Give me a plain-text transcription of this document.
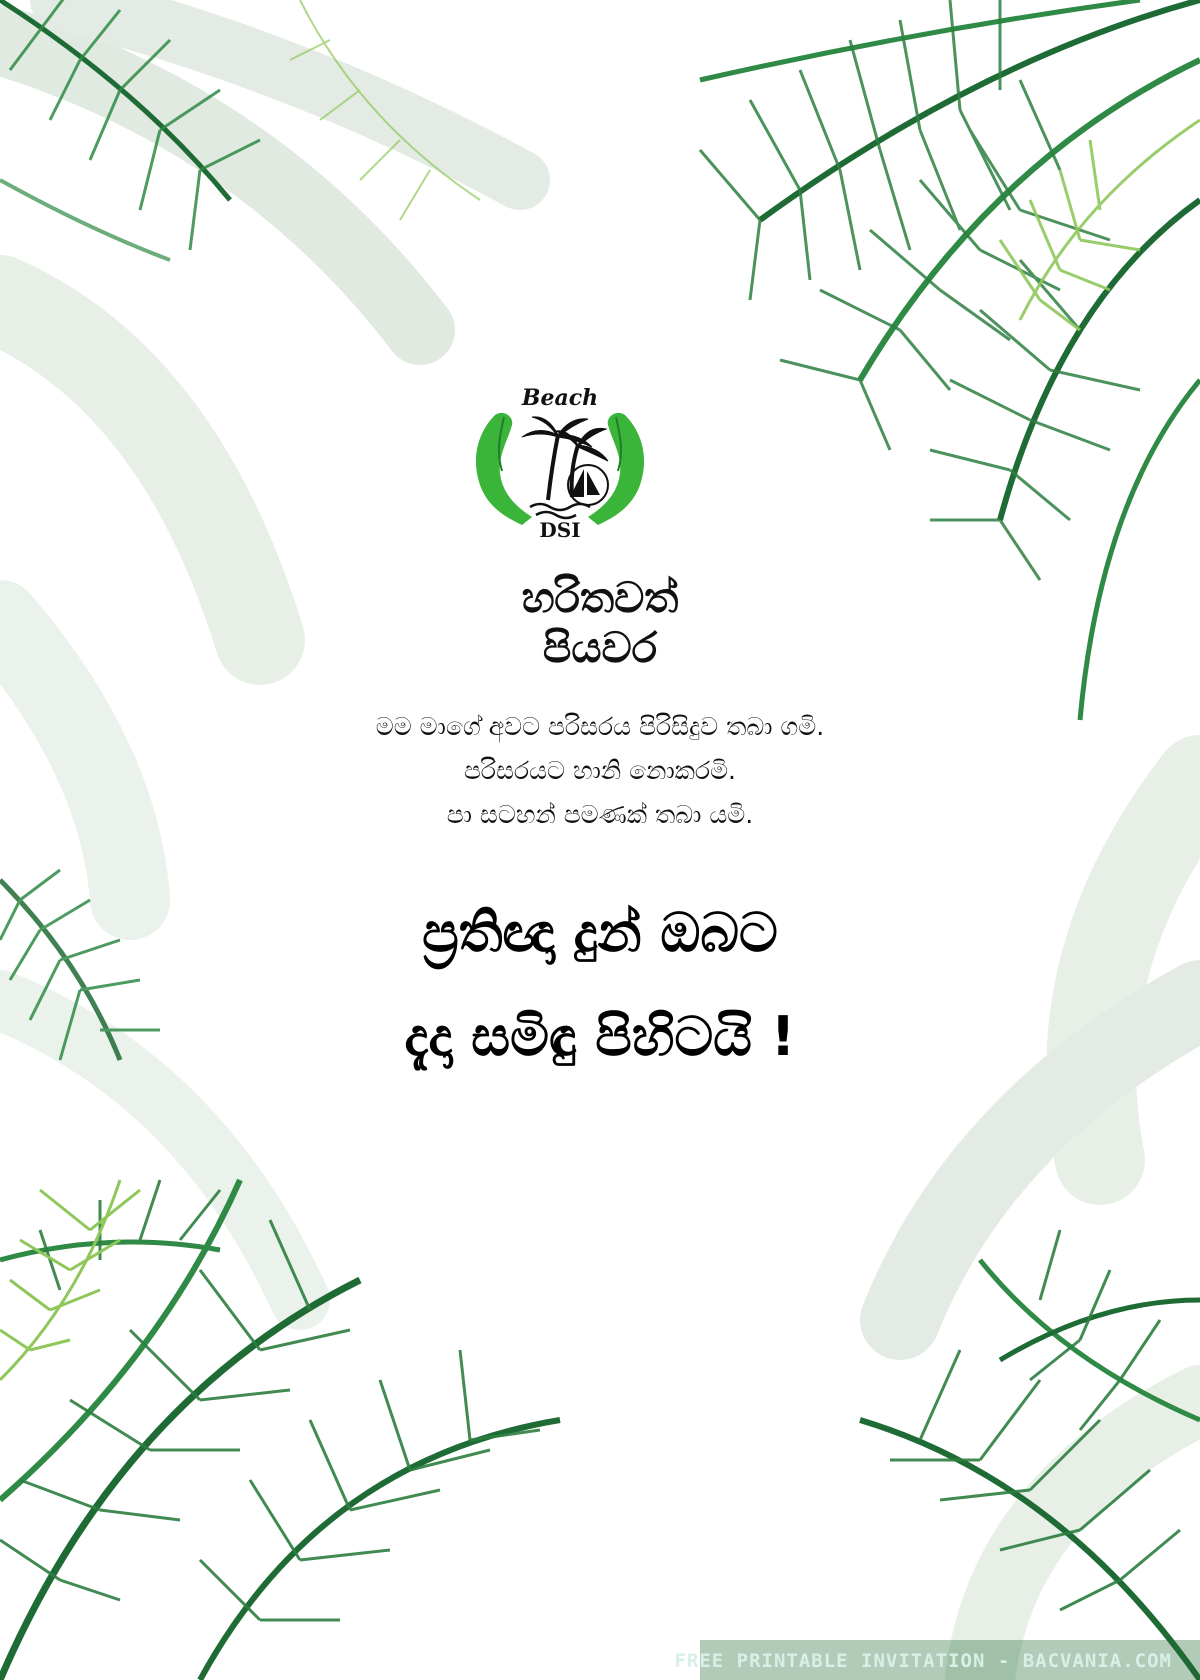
Beach
DSI
හරිතවත්
පියවර
මම මාගේ අවට පරිසරය පිරිසිදුව තබා ගමි.
පරිසරයට හානි නොකරමි.
පා සටහන් පමණක් තබා යමි.
ප්‍රතිඥා දුන් ඔබට
දැදා සමිඳු පිහිටයි !
FREE PRINTABLE INVITATION - BACVANIA.COM
